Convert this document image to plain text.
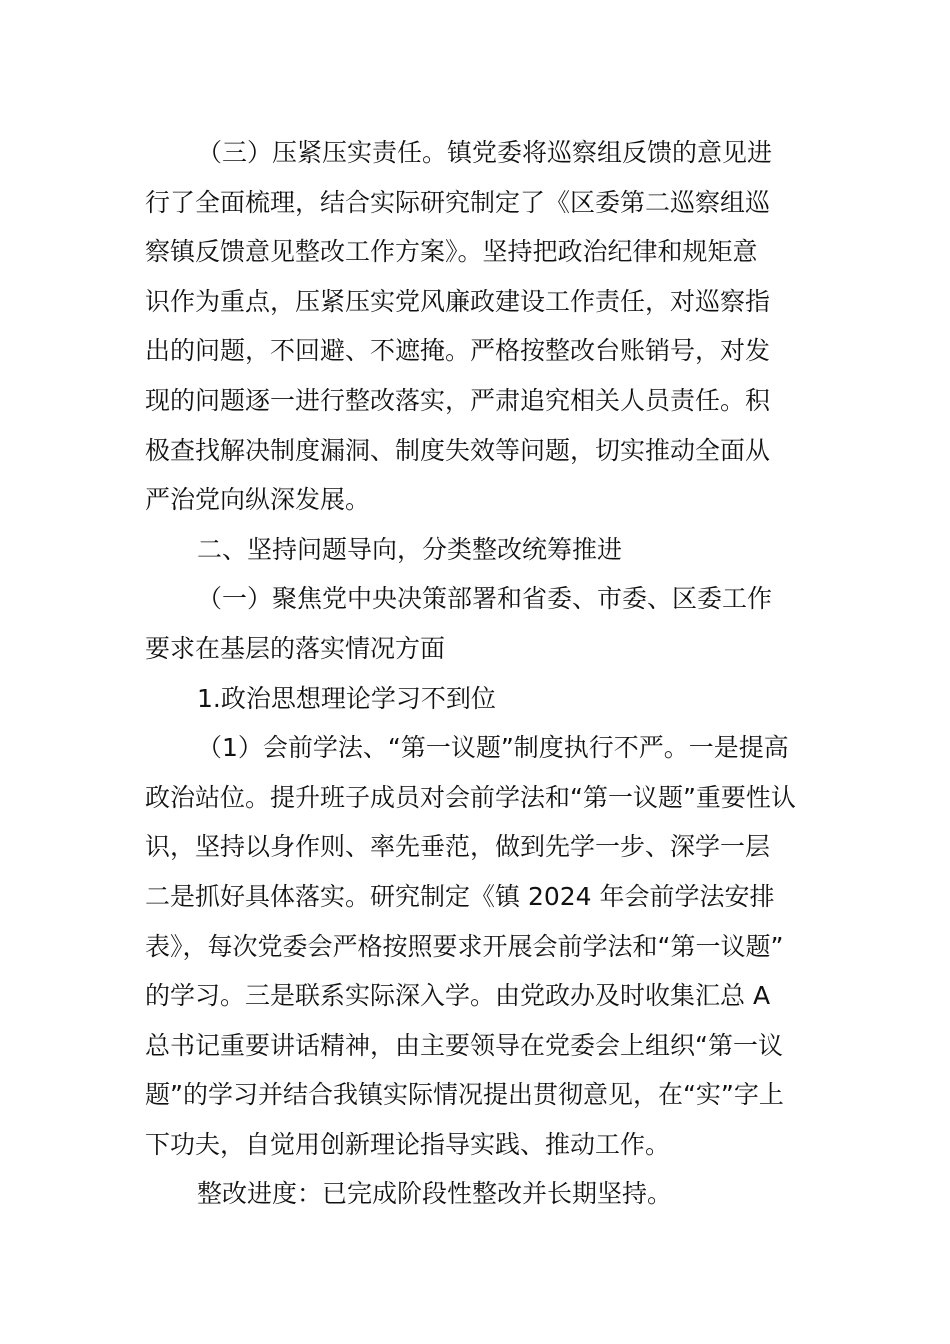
（三）压紧压实责任。镇党委将巡察组反馈的意见进
行了全面梳理，结合实际研究制定了《区委第二巡察组巡
察镇反馈意见整改工作方案》。坚持把政治纪律和规矩意
识作为重点，压紧压实党风廉政建设工作责任，对巡察指
出的问题，不回避、不遮掩。严格按整改台账销号，对发
现的问题逐一进行整改落实，严肃追究相关人员责任。积
极查找解决制度漏洞、制度失效等问题，切实推动全面从
严治党向纵深发展。
二、坚持问题导向，分类整改统筹推进
（一）聚焦党中央决策部署和省委、市委、区委工作
要求在基层的落实情况方面
1.政治思想理论学习不到位
（1）会前学法、“第一议题”制度执行不严。一是提高
政治站位。提升班子成员对会前学法和“第一议题”重要性认
识，坚持以身作则、率先垂范，做到先学一步、深学一层
二是抓好具体落实。研究制定《镇 2024 年会前学法安排
表》，每次党委会严格按照要求开展会前学法和“第一议题”
的学习。三是联系实际深入学。由党政办及时收集汇总 A
总书记重要讲话精神，由主要领导在党委会上组织“第一议
题”的学习并结合我镇实际情况提出贯彻意见，在“实”字上
下功夫，自觉用创新理论指导实践、推动工作。
整改进度：已完成阶段性整改并长期坚持。
